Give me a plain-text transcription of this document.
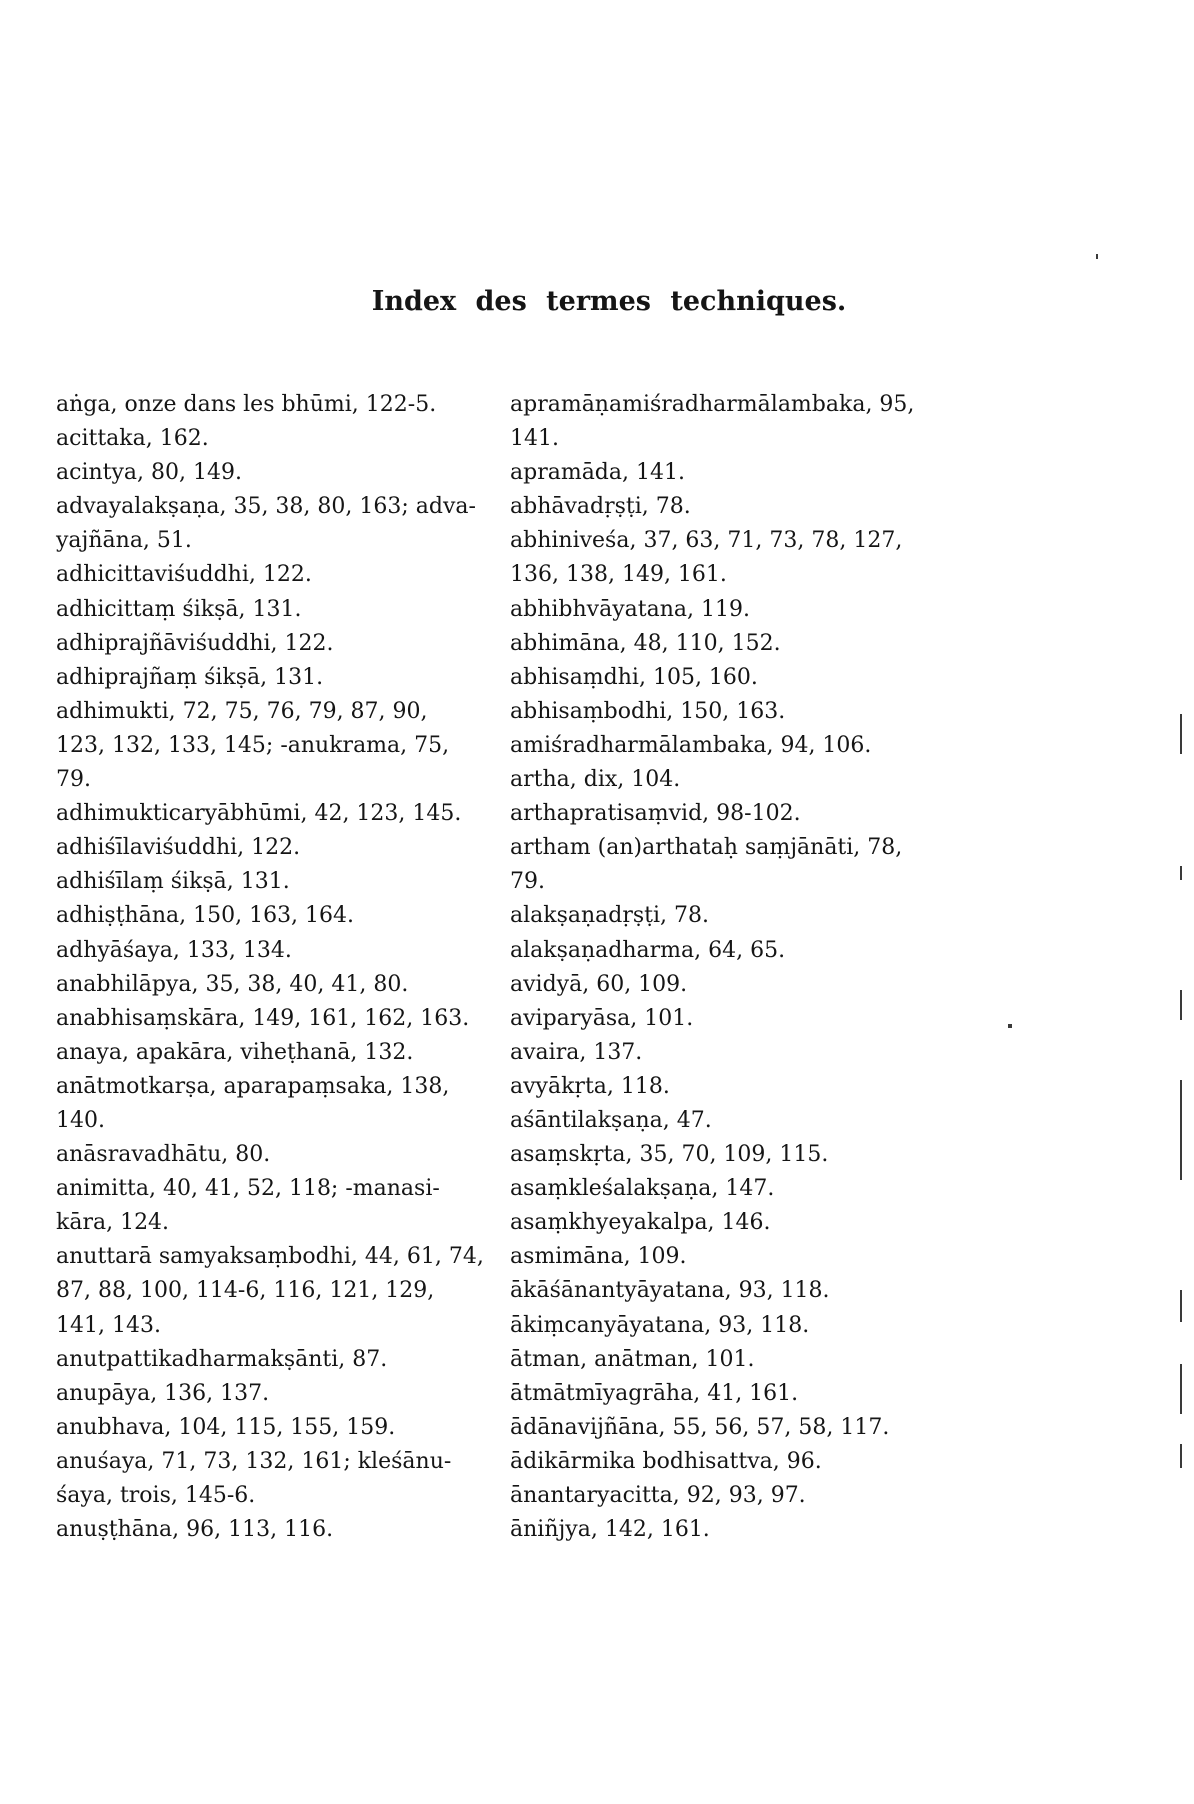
Index des termes techniques.
aṅga, onze dans les bhūmi, 122-5.
acittaka, 162.
acintya, 80, 149.
advayalakṣaṇa, 35, 38, 80, 163; adva-
yajñāna, 51.
adhicittaviśuddhi, 122.
adhicittaṃ śikṣā, 131.
adhiprajñāviśuddhi, 122.
adhiprajñaṃ śikṣā, 131.
adhimukti, 72, 75, 76, 79, 87, 90,
123, 132, 133, 145; -anukrama, 75,
79.
adhimukticaryābhūmi, 42, 123, 145.
adhiśīlaviśuddhi, 122.
adhiśīlaṃ śikṣā, 131.
adhiṣṭhāna, 150, 163, 164.
adhyāśaya, 133, 134.
anabhilāpya, 35, 38, 40, 41, 80.
anabhisaṃskāra, 149, 161, 162, 163.
anaya, apakāra, viheṭhanā, 132.
anātmotkarṣa, aparapaṃsaka, 138,
140.
anāsravadhātu, 80.
animitta, 40, 41, 52, 118; -manasi-
kāra, 124.
anuttarā samyaksaṃbodhi, 44, 61, 74,
87, 88, 100, 114-6, 116, 121, 129,
141, 143.
anutpattikadharmakṣānti, 87.
anupāya, 136, 137.
anubhava, 104, 115, 155, 159.
anuśaya, 71, 73, 132, 161; kleśānu-
śaya, trois, 145-6.
anuṣṭhāna, 96, 113, 116.
apramāṇamiśradharmālambaka, 95,
141.
apramāda, 141.
abhāvadṛṣṭi, 78.
abhiniveśa, 37, 63, 71, 73, 78, 127,
136, 138, 149, 161.
abhibhvāyatana, 119.
abhimāna, 48, 110, 152.
abhisaṃdhi, 105, 160.
abhisaṃbodhi, 150, 163.
amiśradharmālambaka, 94, 106.
artha, dix, 104.
arthapratisaṃvid, 98-102.
artham (an)arthataḥ saṃjānāti, 78,
79.
alakṣaṇadṛṣṭi, 78.
alakṣaṇadharma, 64, 65.
avidyā, 60, 109.
aviparyāsa, 101.
avaira, 137.
avyākṛta, 118.
aśāntilakṣaṇa, 47.
asaṃskṛta, 35, 70, 109, 115.
asaṃkleśalakṣaṇa, 147.
asaṃkhyeyakalpa, 146.
asmimāna, 109.
ākāśānantyāyatana, 93, 118.
ākiṃcanyāyatana, 93, 118.
ātman, anātman, 101.
ātmātmīyagrāha, 41, 161.
ādānavijñāna, 55, 56, 57, 58, 117.
ādikārmika bodhisattva, 96.
ānantaryacitta, 92, 93, 97.
āniñjya, 142, 161.
